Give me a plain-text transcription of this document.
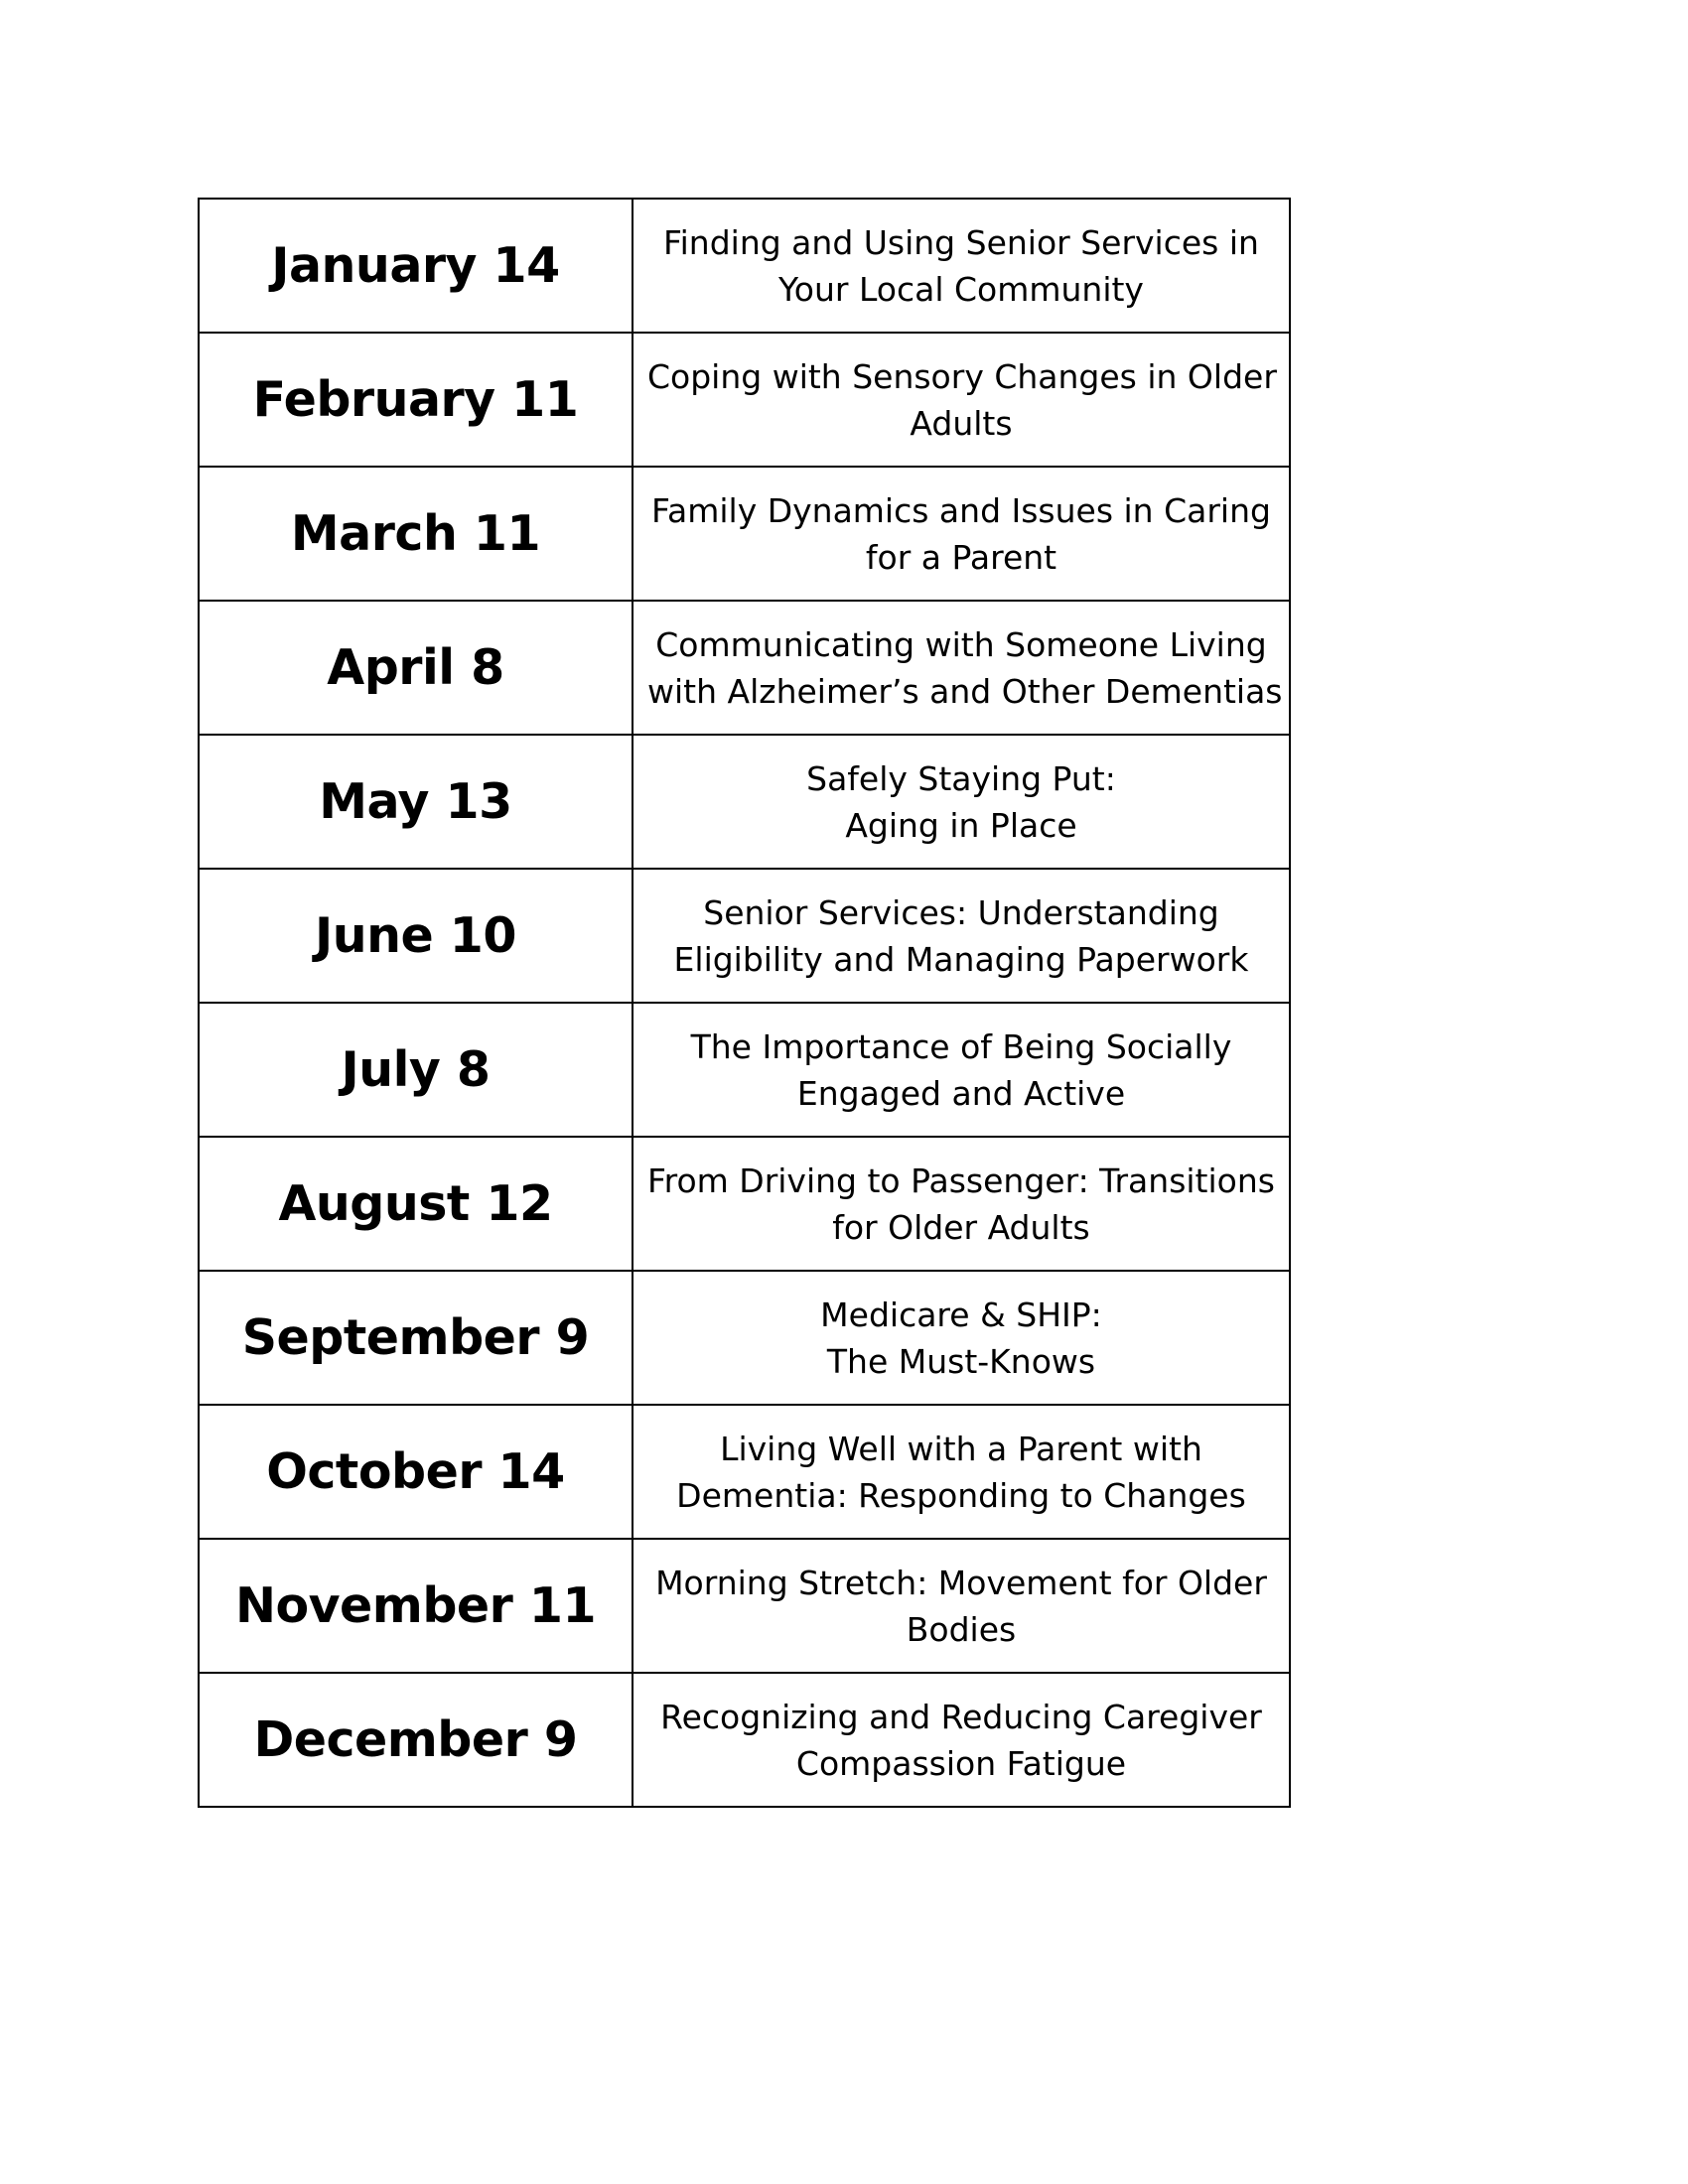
January 14	Finding and Using Senior Services in
Your Local Community

February 11	Coping with Sensory Changes in Older
Adults

March 11	Family Dynamics and Issues in Caring
for a Parent

April 8	Communicating with Someone Living
with Alzheimer’s and Other Dementias

May 13	Safely Staying Put:
Aging in Place

June 10	Senior Services: Understanding
Eligibility and Managing Paperwork

July 8	The Importance of Being Socially
Engaged and Active

August 12	From Driving to Passenger: Transitions
for Older Adults

September 9	Medicare & SHIP:
The Must-Knows

October 14	Living Well with a Parent with
Dementia: Responding to Changes

November 11	Morning Stretch: Movement for Older
Bodies

December 9	Recognizing and Reducing Caregiver
Compassion Fatigue
